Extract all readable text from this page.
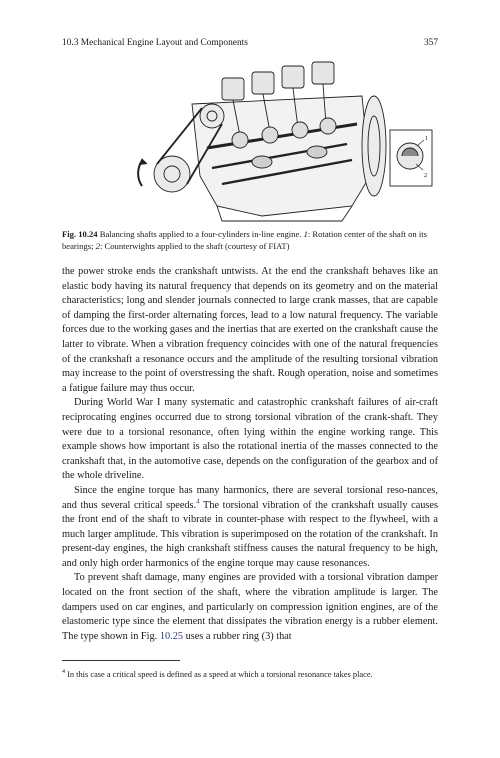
10.3 Mechanical Engine Layout and Components	357
1
2
Fig. 10.24 Balancing shafts applied to a four-cylinders in-line engine. 1: Rotation center of the shaft on its bearings; 2: Counterwights applied to the shaft (courtesy of FIAT)

the power stroke ends the crankshaft untwists. At the end the crankshaft behaves like an elastic body having its natural frequency that depends on its geometry and on the material characteristics; long and slender journals connected to large crank masses, that are capable of damping the first-order alternating forces, lead to a low natural frequency. The variable forces due to the working gases and the inertias that are exerted on the crankshaft cause the latter to vibrate. When a vibration frequency coincides with one of the natural frequencies of the crankshaft a resonance occurs and the amplitude of the resulting torsional vibration may increase to the point of overstressing the shaft. Rough operation, noise and sometimes a fatigue failure may thus occur.

During World War I many systematic and catastrophic crankshaft failures of air-craft reciprocating engines occurred due to strong torsional vibration of the crank-shaft. They were due to a torsional resonance, often lying within the engine working range. This example shows how important is also the rotational inertia of the masses connected to the crankshaft that, in the automotive case, depends on the configuration of the gearbox and of the whole driveline.

Since the engine torque has many harmonics, there are several torsional reso-nances, and thus several critical speeds.$^4$ The torsional vibration of the crankshaft usually causes the front end of the shaft to vibrate in counter-phase with respect to the flywheel, with a much larger amplitude. This vibration is superimposed on the rotation of the crankshaft. In present-day engines, the high crankshaft stiffness causes the natural frequency to be high, and only high order harmonics of the engine torque may cause resonances.

To prevent shaft damage, many engines are provided with a torsional vibration damper located on the front section of the shaft, where the vibration amplitude is larger. The dampers used on car engines, and particularly on compression ignition engines, are of the elastomeric type since the element that dissipates the vibration energy is a rubber element. The type shown in Fig. 10.25 uses a rubber ring (3) that

$^4$ In this case a critical speed is defined as a speed at which a torsional resonance takes place.
